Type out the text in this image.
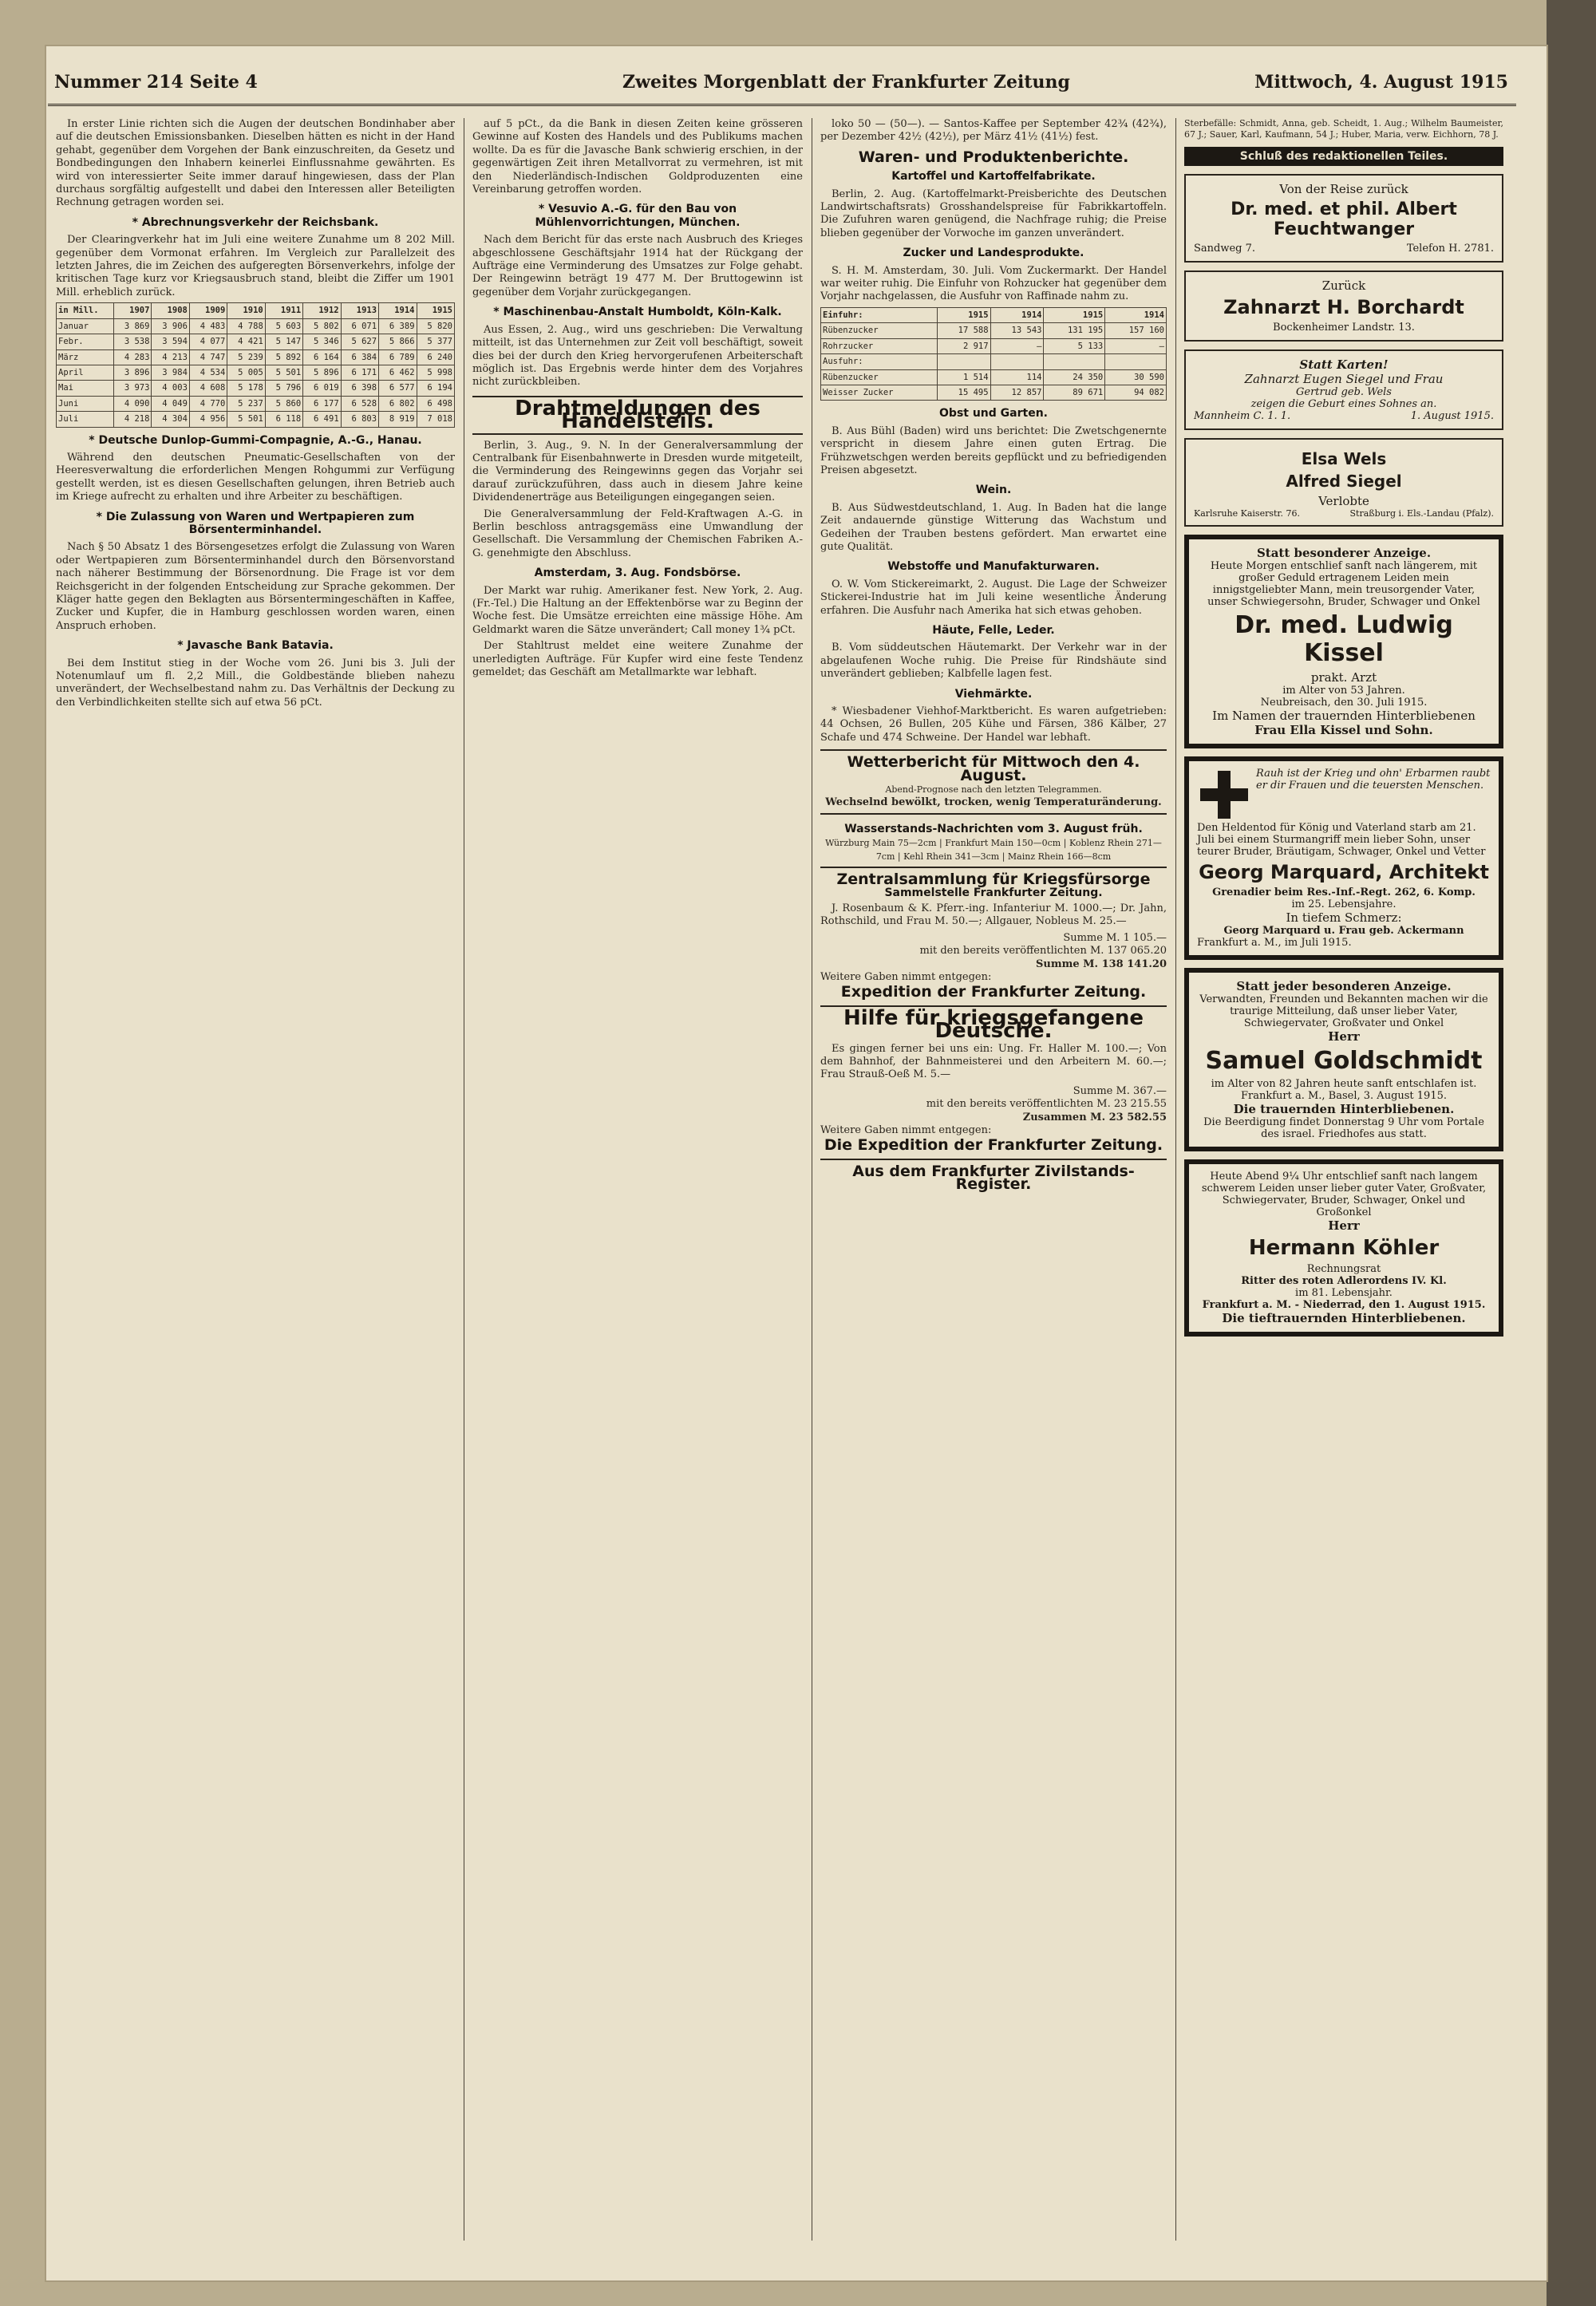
Nummer 214 Seite 4	Zweites Morgenblatt der Frankfurter Zeitung	Mittwoch, 4. August 1915

In erster Linie richten sich die Augen der deutschen Bondinhaber aber auf die deutschen Emissionsbanken. Dieselben hätten es nicht in der Hand gehabt, gegenüber dem Vorgehen der Bank einzuschreiten, da Gesetz und Bondbedingungen den Inhabern keinerlei Einflussnahme gewährten. Es wird von interessierter Seite immer darauf hingewiesen, dass der Plan durchaus sorgfältig aufgestellt und dabei den Interessen aller Beteiligten Rechnung getragen worden sei.

* Abrechnungsverkehr der Reichsbank.

Der Clearingverkehr hat im Juli eine weitere Zunahme um 8 202 Mill. gegenüber dem Vormonat erfahren. Im Vergleich zur Parallelzeit des letzten Jahres, die im Zeichen des aufgeregten Börsenverkehrs, infolge der kritischen Tage kurz vor Kriegsausbruch stand, bleibt die Ziffer um 1901 Mill. erheblich zurück.

in Mill.	1907	1908	1909	1910	1911	1912	1913	1914	1915
Januar	3 869	3 906	4 483	4 788	5 603	5 802	6 071	6 389	5 820
Febr.	3 538	3 594	4 077	4 421	5 147	5 346	5 627	5 866	5 377
März	4 283	4 213	4 747	5 239	5 892	6 164	6 384	6 789	6 240
April	3 896	3 984	4 534	5 005	5 501	5 896	6 171	6 462	5 998
Mai	3 973	4 003	4 608	5 178	5 796	6 019	6 398	6 577	6 194
Juni	4 090	4 049	4 770	5 237	5 860	6 177	6 528	6 802	6 498
Juli	4 218	4 304	4 956	5 501	6 118	6 491	6 803	8 919	7 018
* Deutsche Dunlop-Gummi-Compagnie, A.-G., Hanau.

Während den deutschen Pneumatic-Gesellschaften von der Heeresverwaltung die erforderlichen Mengen Rohgummi zur Verfügung gestellt werden, ist es diesen Gesellschaften gelungen, ihren Betrieb auch im Kriege aufrecht zu erhalten und ihre Arbeiter zu beschäftigen.

* Die Zulassung von Waren und Wertpapieren zum Börsenterminhandel.

Nach § 50 Absatz 1 des Börsengesetzes erfolgt die Zulassung von Waren oder Wertpapieren zum Börsenterminhandel durch den Börsenvorstand nach näherer Bestimmung der Börsenordnung. Die Frage ist vor dem Reichsgericht in der folgenden Entscheidung zur Sprache gekommen. Der Kläger hatte gegen den Beklagten aus Börsentermingeschäften in Kaffee, Zucker und Kupfer, die in Hamburg geschlossen worden waren, einen Anspruch erhoben.

* Javasche Bank Batavia.

Bei dem Institut stieg in der Woche vom 26. Juni bis 3. Juli der Notenumlauf um fl. 2,2 Mill., die Goldbestände blieben nahezu unverändert, der Wechselbestand nahm zu. Das Verhältnis der Deckung zu den Verbindlichkeiten stellte sich auf etwa 56 pCt.

auf 5 pCt., da die Bank in diesen Zeiten keine grösseren Gewinne auf Kosten des Handels und des Publikums machen wollte. Da es für die Javasche Bank schwierig erschien, in der gegenwärtigen Zeit ihren Metallvorrat zu vermehren, ist mit den Niederländisch-Indischen Goldproduzenten eine Vereinbarung getroffen worden.

* Vesuvio A.-G. für den Bau von Mühlenvorrichtungen, München.

Nach dem Bericht für das erste nach Ausbruch des Krieges abgeschlossene Geschäftsjahr 1914 hat der Rückgang der Aufträge eine Verminderung des Umsatzes zur Folge gehabt. Der Reingewinn beträgt 19 477 M. Der Bruttogewinn ist gegenüber dem Vorjahr zurückgegangen.

* Maschinenbau-Anstalt Humboldt, Köln-Kalk.

Aus Essen, 2. Aug., wird uns geschrieben: Die Verwaltung mitteilt, ist das Unternehmen zur Zeit voll beschäftigt, soweit dies bei der durch den Krieg hervorgerufenen Arbeiterschaft möglich ist. Das Ergebnis werde hinter dem des Vorjahres nicht zurückbleiben.

Drahtmeldungen des Handelsteils.

Berlin, 3. Aug., 9. N. In der Generalversammlung der Centralbank für Eisenbahnwerte in Dresden wurde mitgeteilt, die Verminderung des Reingewinns gegen das Vorjahr sei darauf zurückzuführen, dass auch in diesem Jahre keine Dividendenerträge aus Beteiligungen eingegangen seien.

Die Generalversammlung der Feld-Kraftwagen A.-G. in Berlin beschloss antragsgemäss eine Umwandlung der Gesellschaft. Die Versammlung der Chemischen Fabriken A.-G. genehmigte den Abschluss.

Amsterdam, 3. Aug. Fondsbörse.

Der Markt war ruhig. Amerikaner fest. New York, 2. Aug. (Fr.-Tel.) Die Haltung an der Effektenbörse war zu Beginn der Woche fest. Die Umsätze erreichten eine mässige Höhe. Am Geldmarkt waren die Sätze unverändert; Call money 1¾ pCt.

Der Stahltrust meldet eine weitere Zunahme der unerledigten Aufträge. Für Kupfer wird eine feste Tendenz gemeldet; das Geschäft am Metallmarkte war lebhaft.

loko 50 — (50—). — Santos-Kaffee per September 42¾ (42¾), per Dezember 42½ (42½), per März 41½ (41½) fest.

Waren- und Produktenberichte.
Kartoffel und Kartoffelfabrikate.

Berlin, 2. Aug. (Kartoffelmarkt-Preisberichte des Deutschen Landwirtschaftsrats) Grosshandelspreise für Fabrikkartoffeln. Die Zufuhren waren genügend, die Nachfrage ruhig; die Preise blieben gegenüber der Vorwoche im ganzen unverändert.

Zucker und Landesprodukte.

S. H. M. Amsterdam, 30. Juli. Vom Zuckermarkt. Der Handel war weiter ruhig. Die Einfuhr von Rohzucker hat gegenüber dem Vorjahr nachgelassen, die Ausfuhr von Raffinade nahm zu.

Einfuhr:	1915	1914	1915	1914
Rübenzucker	17 588	13 543	131 195	157 160
Rohrzucker	2 917	—	5 133	—
Ausfuhr:				
Rübenzucker	1 514	114	24 350	30 590
Weisser Zucker	15 495	12 857	89 671	94 082
Obst und Garten.

B. Aus Bühl (Baden) wird uns berichtet: Die Zwetschgenernte verspricht in diesem Jahre einen guten Ertrag. Die Frühzwetschgen werden bereits gepflückt und zu befriedigenden Preisen abgesetzt.

Wein.

B. Aus Südwestdeutschland, 1. Aug. In Baden hat die lange Zeit andauernde günstige Witterung das Wachstum und Gedeihen der Trauben bestens gefördert. Man erwartet eine gute Qualität.

Webstoffe und Manufakturwaren.

O. W. Vom Stickereimarkt, 2. August. Die Lage der Schweizer Stickerei-Industrie hat im Juli keine wesentliche Änderung erfahren. Die Ausfuhr nach Amerika hat sich etwas gehoben.

Häute, Felle, Leder.

B. Vom süddeutschen Häutemarkt. Der Verkehr war in der abgelaufenen Woche ruhig. Die Preise für Rindshäute sind unverändert geblieben; Kalbfelle lagen fest.

Viehmärkte.

* Wiesbadener Viehhof-Marktbericht. Es waren aufgetrieben: 44 Ochsen, 26 Bullen, 205 Kühe und Färsen, 386 Kälber, 27 Schafe und 474 Schweine. Der Handel war lebhaft.

Wetterbericht für Mittwoch den 4. August.
Abend-Prognose nach den letzten Telegrammen.
Wechselnd bewölkt, trocken, wenig Temperaturänderung.
Wasserstands-Nachrichten vom 3. August früh.
Würzburg Main 75—2cm | Frankfurt Main 150—0cm | Koblenz Rhein 271—7cm | Kehl Rhein 341—3cm | Mainz Rhein 166—8cm
Zentralsammlung für Kriegsfürsorge
Sammelstelle Frankfurter Zeitung.

J. Rosenbaum & K. Pferr.-ing. Infanteriur M. 1000.—; Dr. Jahn, Rothschild, und Frau M. 50.—; Allgauer, Nobleus M. 25.—

Summe M. 1 105.—
mit den bereits veröffentlichten M. 137 065.20
Summe M. 138 141.20
Weitere Gaben nimmt entgegen:
Expedition der Frankfurter Zeitung.
Hilfe für kriegsgefangene Deutsche.

Es gingen ferner bei uns ein: Ung. Fr. Haller M. 100.—; Von dem Bahnhof, der Bahnmeisterei und den Arbeitern M. 60.—; Frau Strauß-Oeß M. 5.—

Summe M. 367.—
mit den bereits veröffentlichten M. 23 215.55
Zusammen M. 23 582.55
Weitere Gaben nimmt entgegen:
Die Expedition der Frankfurter Zeitung.
Aus dem Frankfurter Zivilstands-Register.
Sterbefälle: Schmidt, Anna, geb. Scheidt, 1. Aug.; Wilhelm Baumeister, 67 J.; Sauer, Karl, Kaufmann, 54 J.; Huber, Maria, verw. Eichhorn, 78 J.
Schluß des redaktionellen Teiles.
Von der Reise zurück
Dr. med. et phil. Albert Feuchtwanger
Sandweg 7.	Telefon H. 2781.
Zurück
Zahnarzt H. Borchardt
Bockenheimer Landstr. 13.
Statt Karten!
Zahnarzt Eugen Siegel und Frau
Gertrud geb. Wels
zeigen die Geburt eines Sohnes an.
Mannheim C. 1. 1.	1. August 1915.
Elsa Wels
Alfred Siegel
Verlobte
Karlsruhe Kaiserstr. 76.	Straßburg i. Els.-Landau (Pfalz).
Statt besonderer Anzeige.
Heute Morgen entschlief sanft nach längerem, mit großer Geduld ertragenem Leiden mein innigstgeliebter Mann, mein treusorgender Vater, unser Schwiegersohn, Bruder, Schwager und Onkel
Dr. med. Ludwig Kissel
prakt. Arzt
im Alter von 53 Jahren.
Neubreisach, den 30. Juli 1915.
Im Namen der trauernden Hinterbliebenen
Frau Ella Kissel und Sohn.
Rauh ist der Krieg und ohn' Erbarmen raubt er dir Frauen und die teuersten Menschen.
Den Heldentod für König und Vaterland starb am 21. Juli bei einem Sturmangriff mein lieber Sohn, unser teurer Bruder, Bräutigam, Schwager, Onkel und Vetter
Georg Marquard, Architekt
Grenadier beim Res.-Inf.-Regt. 262, 6. Komp.
im 25. Lebensjahre.
In tiefem Schmerz:
Georg Marquard u. Frau geb. Ackermann
Frankfurt a. M., im Juli 1915.
Statt jeder besonderen Anzeige.
Verwandten, Freunden und Bekannten machen wir die traurige Mitteilung, daß unser lieber Vater, Schwiegervater, Großvater und Onkel
Herr
Samuel Goldschmidt
im Alter von 82 Jahren heute sanft entschlafen ist.
Frankfurt a. M., Basel, 3. August 1915.
Die trauernden Hinterbliebenen.
Die Beerdigung findet Donnerstag 9 Uhr vom Portale des israel. Friedhofes aus statt.
Heute Abend 9¼ Uhr entschlief sanft nach langem schwerem Leiden unser lieber guter Vater, Großvater, Schwiegervater, Bruder, Schwager, Onkel und Großonkel
Herr
Hermann Köhler
Rechnungsrat
Ritter des roten Adlerordens IV. Kl.
im 81. Lebensjahr.
Frankfurt a. M. - Niederrad, den 1. August 1915.
Die tieftrauernden Hinterbliebenen.
